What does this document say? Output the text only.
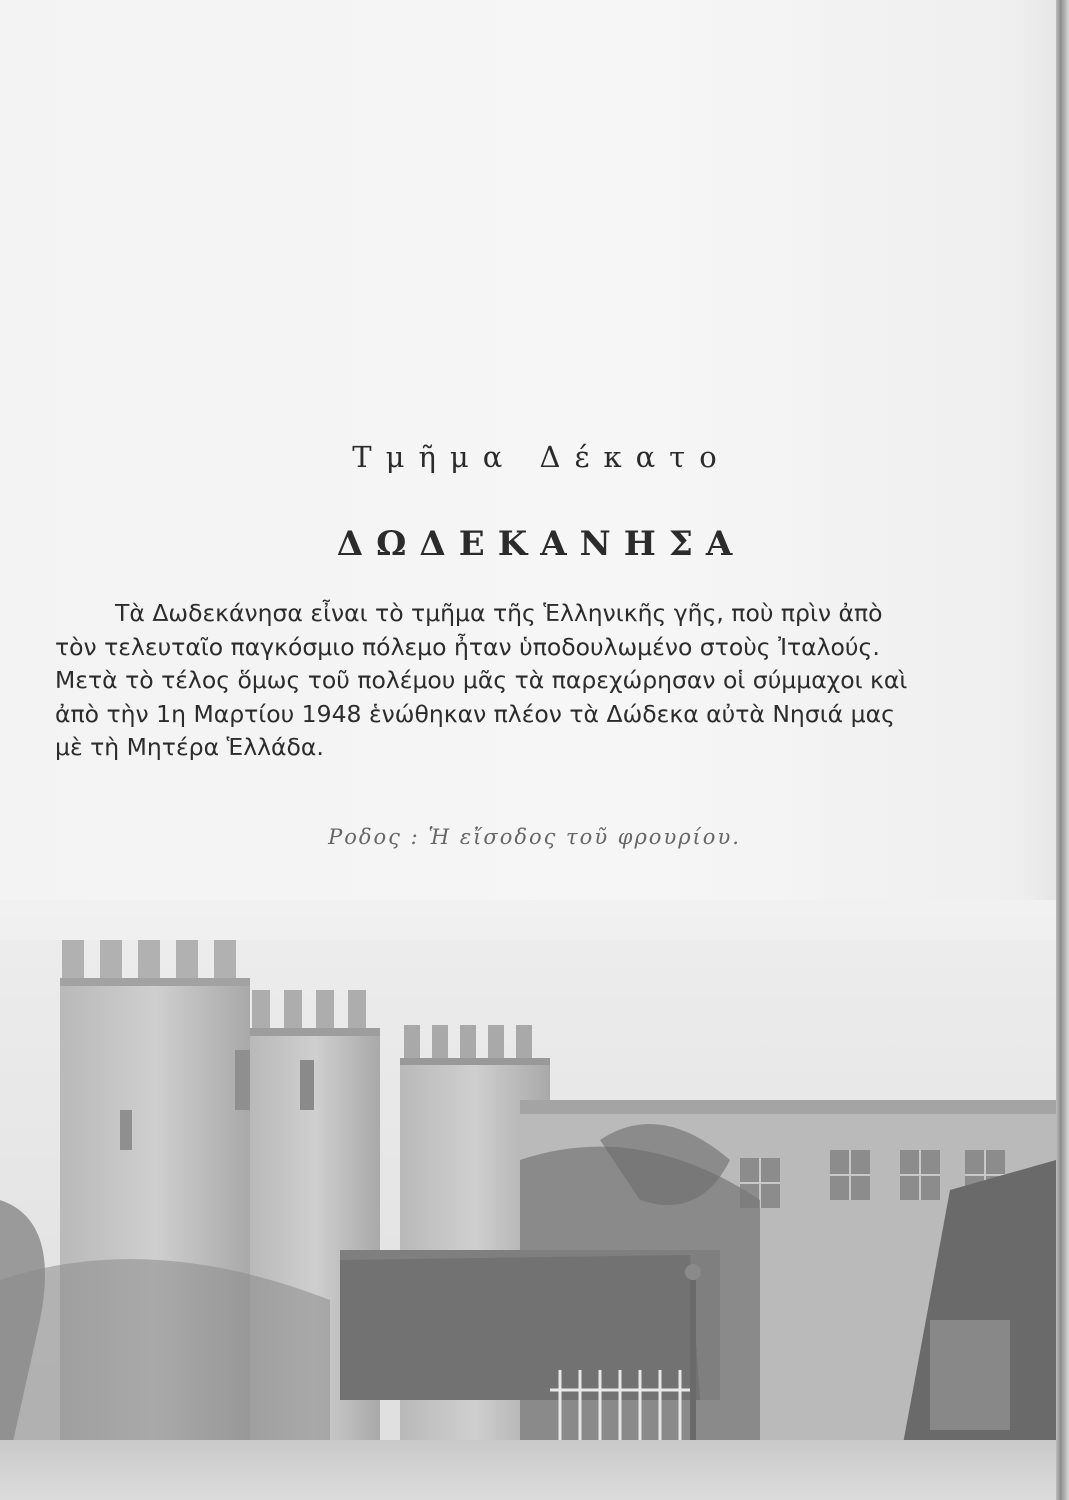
Τμῆμα Δέκατο
ΔΩΔΕΚΑΝΗΣΑ

Τὰ Δωδεκάνησα εἶναι τὸ τμῆμα τῆς Ἑλληνικῆς γῆς, ποὺ πρὶν ἀπὸ
τὸν τελευταῖο παγκόσμιο πόλεμο ἦταν ὑποδουλωμένο στοὺς Ἰταλούς.
Μετὰ τὸ τέλος ὅμως τοῦ πολέμου μᾶς τὰ παρεχώρησαν οἱ σύμμαχοι καὶ
ἀπὸ τὴν 1η Μαρτίου 1948 ἑνώθηκαν πλέον τὰ Δώδεκα αὐτὰ Νησιά μας
μὲ τὴ Μητέρα Ἑλλάδα.

Ροδος : Ἡ εἴσοδος τοῦ φρουρίου.
